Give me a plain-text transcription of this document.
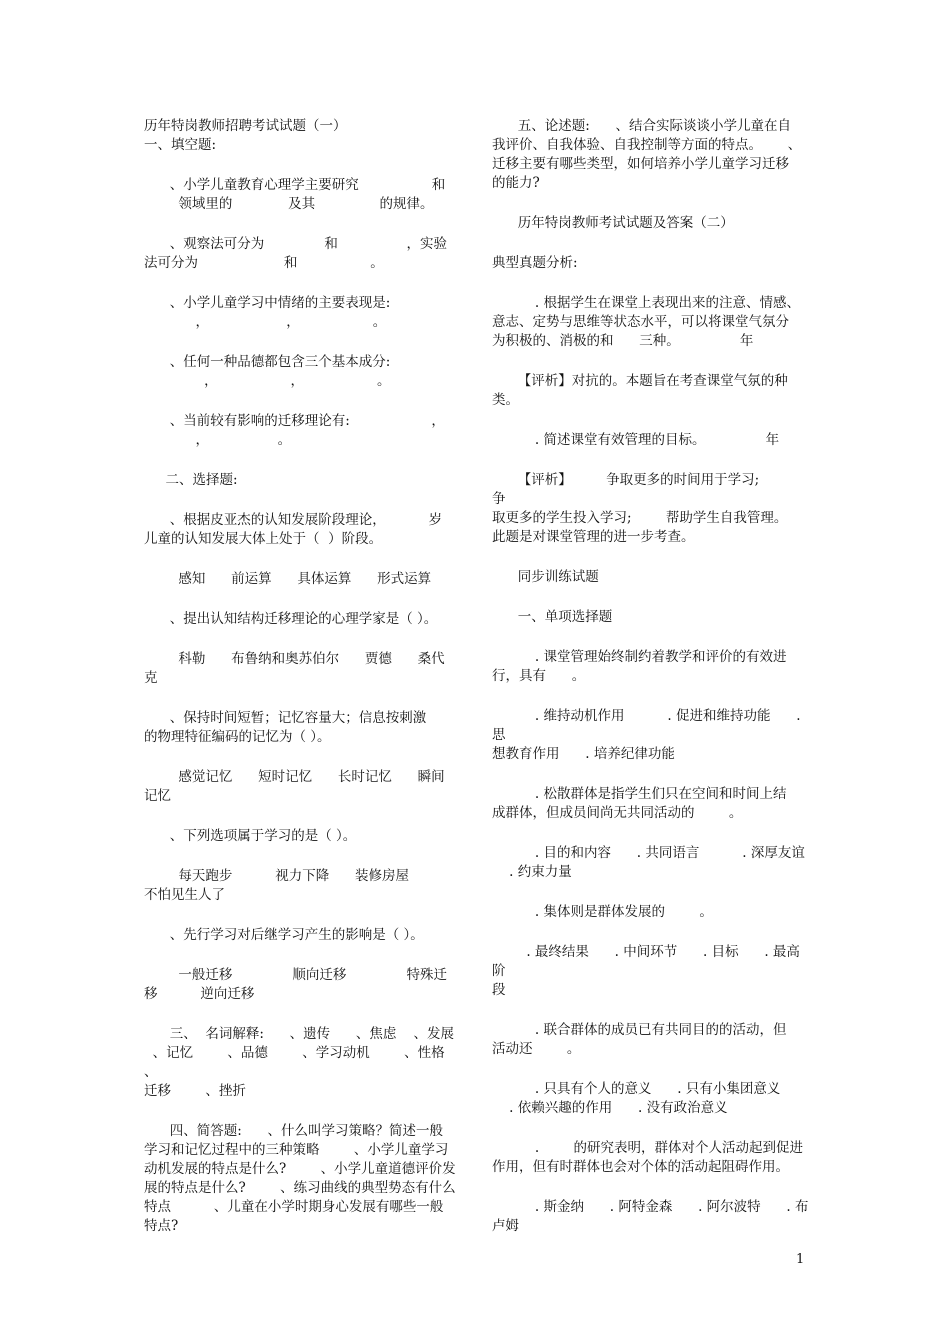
历年特岗教师招聘考试试题（一）

一、填空题:

、小学儿童教育心理学主要研究                 和

领域里的             及其               的规律。

、观察法可分为              和                ，实验

法可分为                    和                 。

、小学儿童学习中情绪的主要表现是:

，                  ，                 。

、任何一种品德都包含三个基本成分:

，                 ，                 。

、当前较有影响的迁移理论有:                   ，

，                。

二、选择题:

、根据皮亚杰的认知发展阶段理论，          岁

儿童的认知发展大体上处于（  ）阶段。

感知      前运算      具体运算      形式运算

、提出认知结构迁移理论的心理学家是（ ）。

科勒      布鲁纳和奥苏伯尔      贾德      桑代

克

、保持时间短暂；记忆容量大；信息按刺激

的物理特征编码的记忆为（ ）。

感觉记忆      短时记忆      长时记忆      瞬间

记忆

、下列选项属于学习的是（ ）。

每天跑步          视力下降      装修房屋

不怕见生人了

、先行学习对后继学习产生的影响是（ ）。

一般迁移              顺向迁移              特殊迁

移          逆向迁移

三、  名词解释:      、遗传      、焦虑    、发展

、记忆        、品德        、学习动机        、性格        、

迁移        、挫折

四、简答题:      、什么叫学习策略？简述一般

学习和记忆过程中的三种策略        、小学儿童学习

动机发展的特点是什么?        、小学儿童道德评价发

展的特点是什么?        、练习曲线的典型势态有什么

特点          、儿童在小学时期身心发展有哪些一般

特点?

五、论述题:      、结合实际谈谈小学儿童在自

我评价、自我体验、自我控制等方面的特点。      、

迁移主要有哪些类型，如何培养小学儿童学习迁移

的能力?

历年特岗教师考试试题及答案（二）

典型真题分析:

. 根据学生在课堂上表现出来的注意、情感、

意志、定势与思维等状态水平，可以将课堂气氛分

为积极的、消极的和      三种。              年

【评析】对抗的。本题旨在考查课堂气氛的种

类。

. 简述课堂有效管理的目标。              年

【评析】        争取更多的时间用于学习;          争

取更多的学生投入学习;        帮助学生自我管理。

此题是对课堂管理的进一步考查。

同步训练试题

一、单项选择题

. 课堂管理始终制约着教学和评价的有效进

行，具有      。

. 维持动机作用          . 促进和维持功能      . 思

想教育作用      . 培养纪律功能

. 松散群体是指学生们只在空间和时间上结

成群体，但成员间尚无共同活动的        。

. 目的和内容      . 共同语言          . 深厚友谊

. 约束力量

. 集体则是群体发展的        。

. 最终结果      . 中间环节      . 目标      . 最高阶

段

. 联合群体的成员已有共同目的的活动，但

活动还        。

. 只具有个人的意义      . 只有小集团意义

. 依赖兴趣的作用      . 没有政治意义

.        的研究表明，群体对个人活动起到促进

作用，但有时群体也会对个体的活动起阻碍作用。

. 斯金纳      . 阿特金森      . 阿尔波特      . 布

卢姆

1
